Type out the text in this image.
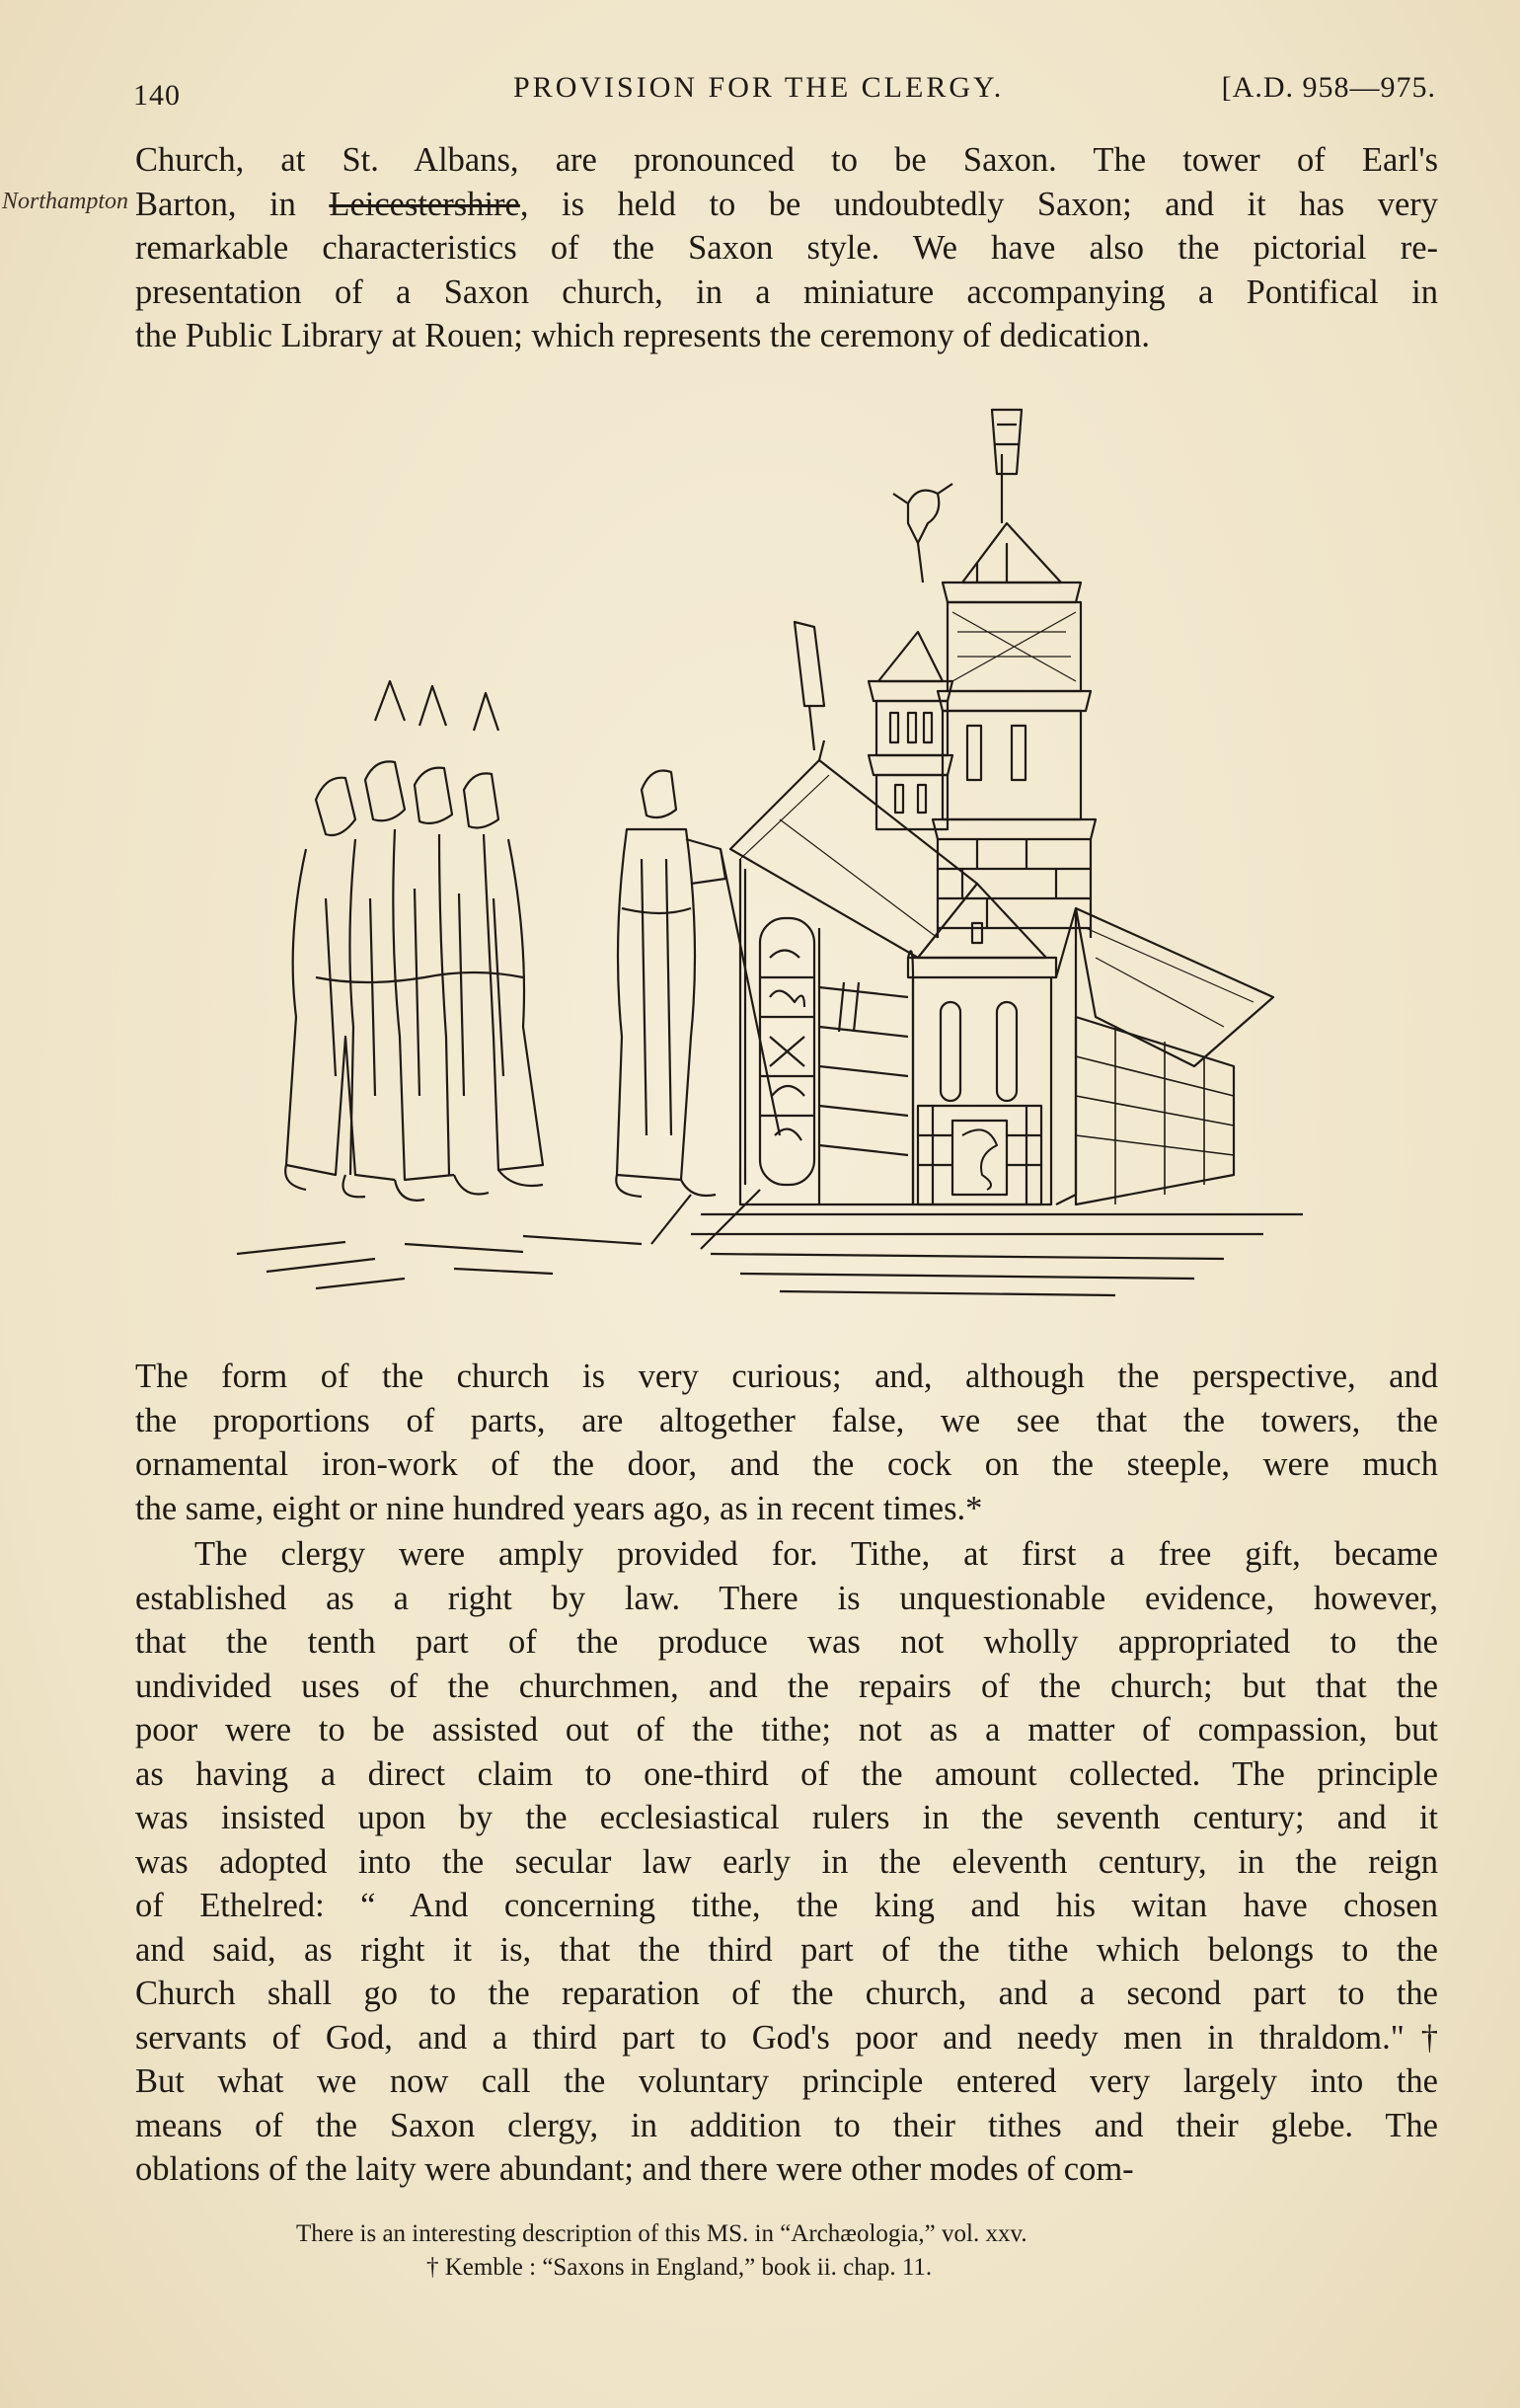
140	PROVISION FOR THE CLERGY.	[A.D. 958—975.
Northampton
Church, at St. Albans, are pronounced to be Saxon. The tower of Earl's
Barton, in Leicestershire, is held to be undoubtedly Saxon; and it has very
remarkable characteristics of the Saxon style. We have also the pictorial re-
presentation of a Saxon church, in a miniature accompanying a Pontifical in
the Public Library at Rouen; which represents the ceremony of dedication.
The form of the church is very curious; and, although the perspective, and
the proportions of parts, are altogether false, we see that the towers, the
ornamental iron-work of the door, and the cock on the steeple, were much
the same, eight or nine hundred years ago, as in recent times.*
The clergy were amply provided for. Tithe, at first a free gift, became
established as a right by law. There is unquestionable evidence, however,
that the tenth part of the produce was not wholly appropriated to the
undivided uses of the churchmen, and the repairs of the church; but that the
poor were to be assisted out of the tithe; not as a matter of compassion, but
as having a direct claim to one-third of the amount collected. The principle
was insisted upon by the ecclesiastical rulers in the seventh century; and it
was adopted into the secular law early in the eleventh century, in the reign
of Ethelred: “ And concerning tithe, the king and his witan have chosen
and said, as right it is, that the third part of the tithe which belongs to the
Church shall go to the reparation of the church, and a second part to the
servants of God, and a third part to God's poor and needy men in thraldom."†
But what we now call the voluntary principle entered very largely into the
means of the Saxon clergy, in addition to their tithes and their glebe. The
oblations of the laity were abundant; and there were other modes of com-
There is an interesting description of this MS. in “Archæologia,” vol. xxv.
† Kemble : “Saxons in England,” book ii. chap. 11.
